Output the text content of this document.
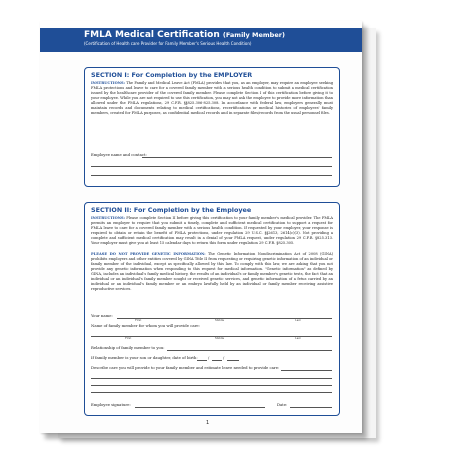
FMLA Medical Certification (Family Member)
(Certification of Health care Provider for Family Member's Serious Health Condition)
SECTION I: For Completion by the EMPLOYER
INSTRUCTIONS: The Family and Medical Leave Act (FMLA) provides that you, as an employer, may require an employee seeking FMLA protections and leave to care for a covered family member with a serious health condition to submit a medical certification issued by the healthcare provider of the covered family member. Please complete Section I of this certification before giving it to your employee. While you are not required to use this certification, you may not ask the employee to provide more information than allowed under the FMLA regulations, 29 C.F.R. §§825.306-825.308. In accordance with federal law, employers generally must maintain records and documents relating to medical certifications, recertifications or medical histories of employees' family members, created for FMLA purposes, as confidential medical records and in separate files/records from the usual personnel files.
Employee name and contact:
SECTION II: For Completion by the Employee
INSTRUCTIONS: Please complete Section II before giving this certification to your family member's medical provider. The FMLA permits an employer to require that you submit a timely, complete and sufficient medical certification to support a request for FMLA leave to care for a covered family member with a serious health condition. If requested by your employer, your response is required to obtain or retain the benefit of FMLA protections, under regulation 29 U.S.C. §§2613, 2614(c)(3). Not providing a complete and sufficient medical certification may result in a denial of your FMLA request, under regulation 29 C.F.R. §825.313. Your employer must give you at least 15 calendar days to return this form under regulation 29 C.F.R. §825.305.
PLEASE DO NOT PROVIDE GENETIC INFORMATION: The Genetic Information Nondiscrimination Act of 2008 (GINA) prohibits employers and other entities covered by GINA Title II from requesting or requiring genetic information of an individual or family member of the individual, except as specifically allowed by this law. To comply with this law, we are asking that you not provide any genetic information when responding to this request for medical information. "Genetic information" as defined by GINA, includes an individual's family medical history, the results of an individual's or family member's genetic tests, the fact that an individual or an individual's family member sought or received genetic services, and genetic information of a fetus carried by an individual or an individual's family member or an embryo lawfully held by an individual or family member receiving assistive reproductive services.
Your name:
First	Middle	Last
Name of family member for whom you will provide care:
First	Middle	Last
Relationship of family member to you:
If family member is your son or daughter, date of birth:	/	/
Describe care you will provide to your family member and estimate leave needed to provide care:
Employee signature:	Date:
1
